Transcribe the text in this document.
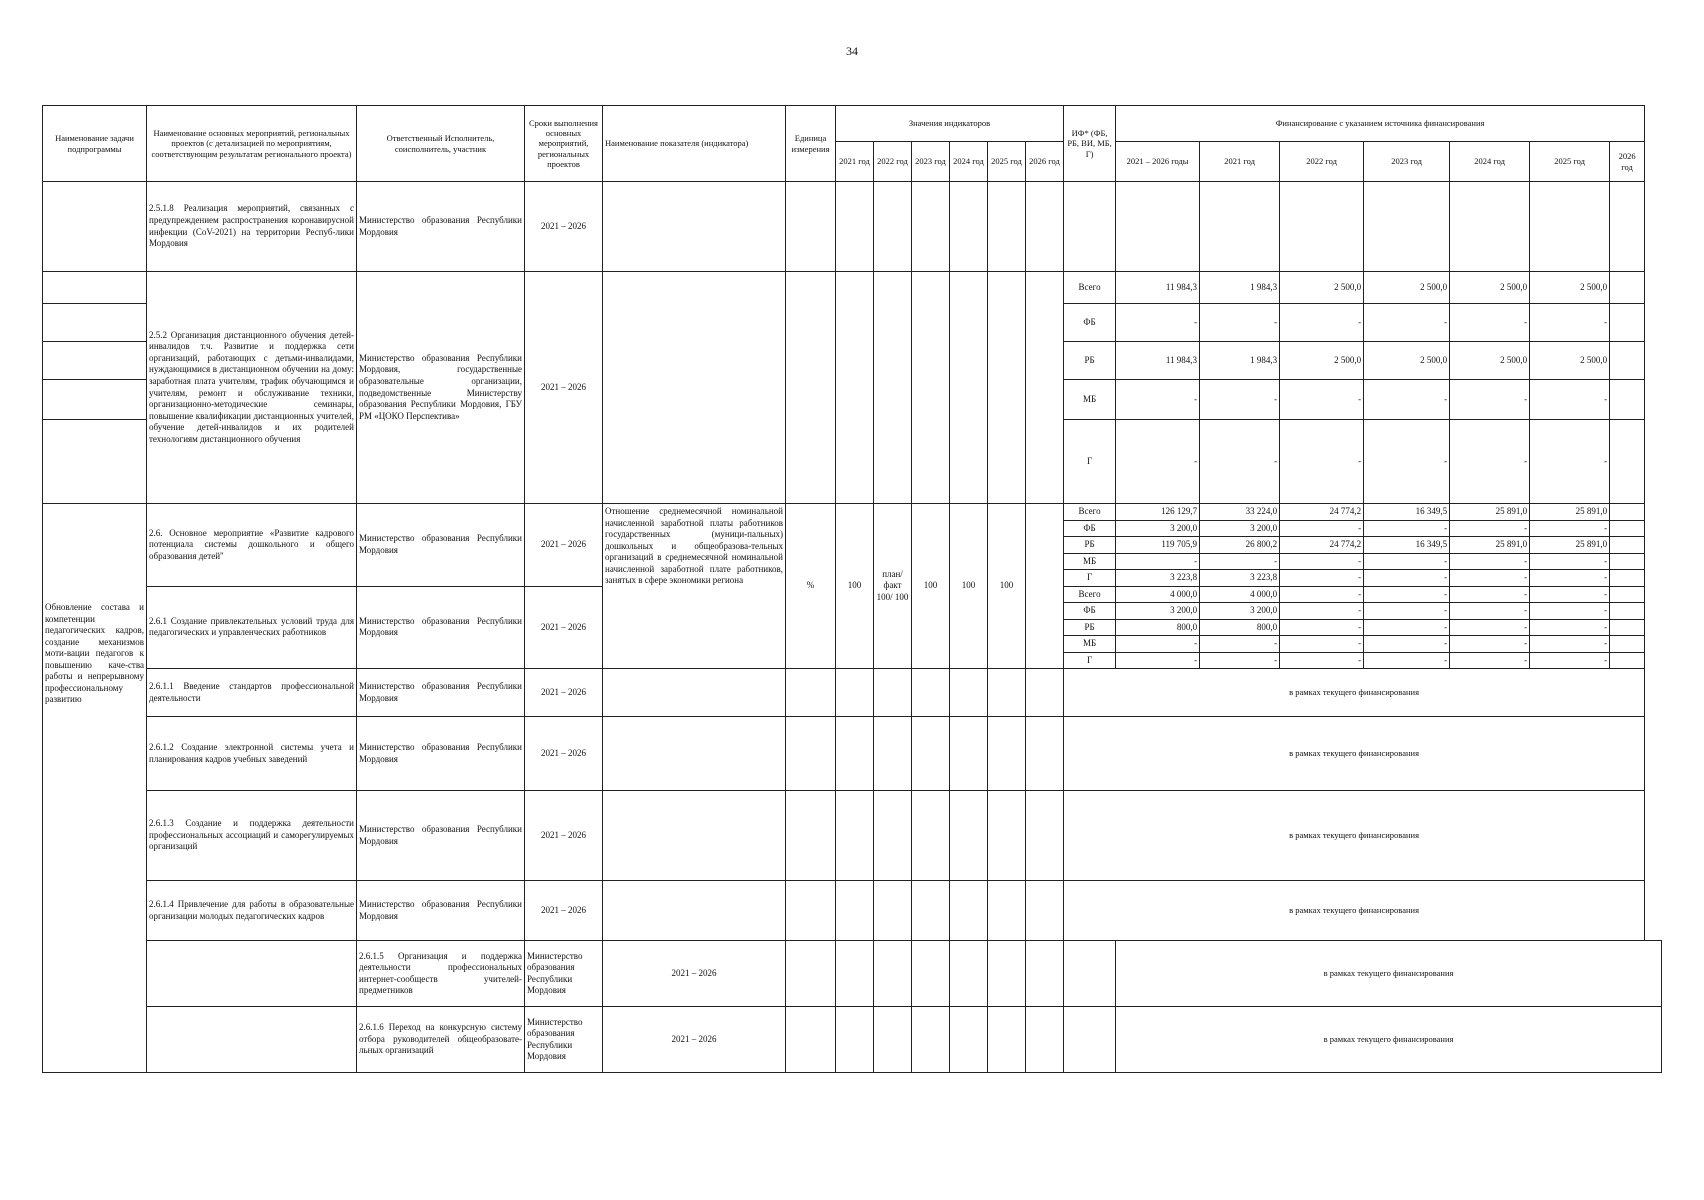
34
Наименование задачи подпрограммы	Наименование основных мероприятий, региональных проектов (с детализацией по мероприятиям, соответствующим результатам регионального проекта)	Ответственный Исполнитель, соисполнитель, участник	Сроки выполнения основных мероприятий, региональных проектов	Наименование показателя (индикатора)	Единица измерения	Значения индикаторов						ИФ* (ФБ, РБ, ВИ, МБ, Г)	Финансирование с указанием источника финансирования						
						2021 год	2022 год	2023 год	2024 год	2025 год	2026 год		2021 – 2026 годы	2021 год	2022 год	2023 год	2024 год	2025 год	2026 год
	2.5.1.8 Реализация мероприятий, связанных с предупреждением распространения коронавирусной инфекции (CoV-2021) на территории Респуб-лики Мордовия	Министерство образования Республики Мордовия	2021 – 2026																
	2.5.2 Организация дистанционного обучения детей-инвалидов т.ч. Развитие и поддержка сети организаций, работающих с детьми-инвалидами, нуждающимися в дистанционном обучении на дому: заработная плата учителям, трафик обучающимся и учителям, ремонт и обслуживание техники, организационно-методические семинары, повышение квалификации дистанционных учителей, обучение детей-инвалидов и их родителей технологиям дистанционного обучения	Министерство образования Республики Мордовия, государственные образовательные организации, подведомственные Министерству образования Республики Мордовия, ГБУ РМ «ЦОКО Перспектива»	2021 – 2026									Всего	11 984,3	1 984,3	2 500,0	2 500,0	2 500,0	2 500,0	
												ФБ	-	-	-	-	-	-	
												РБ	11 984,3	1 984,3	2 500,0	2 500,0	2 500,0	2 500,0	
												МБ	-	-	-	-	-	-	
												Г	-	-	-	-	-	-	
Обновление состава и компетенции педагогических кадров, создание механизмов моти-вации педагогов к повышению каче-ства работы и непрерывному профессиональному развитию	2.6. Основное мероприятие «Развитие кадрового потенциала системы дошкольного и общего образования детей"	Министерство образования Республики Мордовия	2021 – 2026	Отношение среднемесячной номинальной начисленной заработной платы работников государственных (муници-пальных) дошкольных и общеобразова-тельных организаций в среднемесячной номинальной начисленной заработной плате работников, занятых в сфере экономики региона	%	100	план/ факт 100/ 100	100	100	100		Всего	126 129,7	33 224,0	24 774,2	16 349,5	25 891,0	25 891,0	
												ФБ	3 200,0	3 200,0	-	-	-	-	
												РБ	119 705,9	26 800,2	24 774,2	16 349,5	25 891,0	25 891,0	
												МБ	-	-	-	-	-	-	
												Г	3 223,8	3 223,8	-	-	-	-	
	2.6.1 Создание привлекательных условий труда для педагогических и управленческих работников	Министерство образования Республики Мордовия	2021 – 2026									Всего	4 000,0	4 000,0	-	-	-	-	
												ФБ	3 200,0	3 200,0	-	-	-	-	
												РБ	800,0	800,0	-	-	-	-	
												МБ	-	-	-	-	-	-	
												Г	-	-	-	-	-	-	
	2.6.1.1 Введение стандартов профессиональной деятельности	Министерство образования Республики Мордовия	2021 – 2026									в рамках текущего финансирования							
	2.6.1.2 Создание электронной системы учета и планирования кадров учебных заведений	Министерство образования Республики Мордовия	2021 – 2026									в рамках текущего финансирования							
	2.6.1.3 Создание и поддержка деятельности профессиональных ассоциаций и саморегулируемых организаций	Министерство образования Республики Мордовия	2021 – 2026									в рамках текущего финансирования							
	2.6.1.4 Привлечение для работы в образовательные организации молодых педагогических кадров	Министерство образования Республики Мордовия	2021 – 2026									в рамках текущего финансирования							
		2.6.1.5 Организация и поддержка деятельности профессиональных интернет-сообществ учителей-предметников	Министерство образования Республики Мордовия	2021 – 2026									в рамках текущего финансирования						
		2.6.1.6 Переход на конкурсную систему отбора руководителей общеобразовате-льных организаций	Министерство образования Республики Мордовия	2021 – 2026									в рамках текущего финансирования						
